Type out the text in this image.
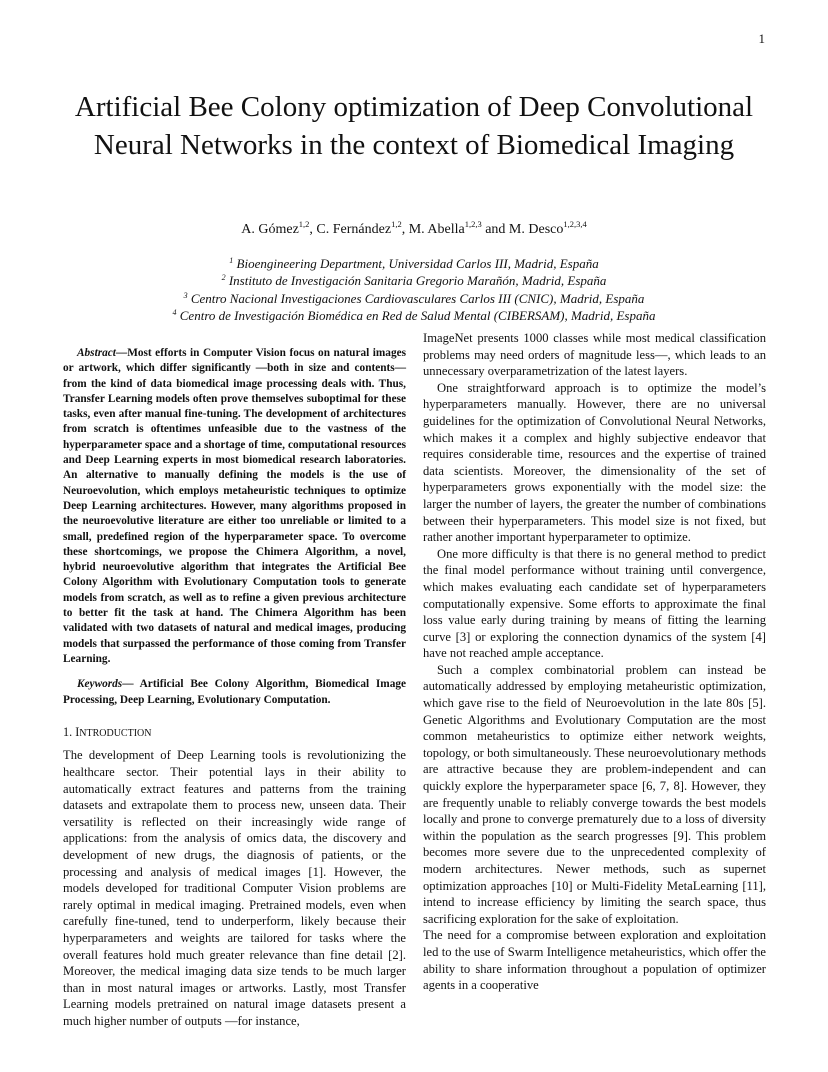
1
Artificial Bee Colony optimization of Deep Convolutional Neural Networks in the context of Biomedical Imaging
A. Gómez$^{1,2}$, C. Fernández$^{1,2}$, M. Abella$^{1,2,3}$ and M. Desco$^{1,2,3,4}$
$^1$ Bioengineering Department, Universidad Carlos III, Madrid, España
$^2$ Instituto de Investigación Sanitaria Gregorio Marañón, Madrid, España
$^3$ Centro Nacional Investigaciones Cardiovasculares Carlos III (CNIC), Madrid, España
$^4$ Centro de Investigación Biomédica en Red de Salud Mental (CIBERSAM), Madrid, España

Abstract—Most efforts in Computer Vision focus on natural images or artwork, which differ significantly —both in size and contents— from the kind of data biomedical image processing deals with. Thus, Transfer Learning models often prove themselves suboptimal for these tasks, even after manual fine-tuning. The development of architectures from scratch is oftentimes unfeasible due to the vastness of the hyperparameter space and a shortage of time, computational resources and Deep Learning experts in most biomedical research laboratories. An alternative to manually defining the models is the use of Neuroevolution, which employs metaheuristic techniques to optimize Deep Learning architectures. However, many algorithms proposed in the neuroevolutive literature are either too unreliable or limited to a small, predefined region of the hyperparameter space. To overcome these shortcomings, we propose the Chimera Algorithm, a novel, hybrid neuroevolutive algorithm that integrates the Artificial Bee Colony Algorithm with Evolutionary Computation tools to generate models from scratch, as well as to refine a given previous architecture to better fit the task at hand. The Chimera Algorithm has been validated with two datasets of natural and medical images, producing models that surpassed the performance of those coming from Transfer Learning.

Keywords— Artificial Bee Colony Algorithm, Biomedical Image Processing, Deep Learning, Evolutionary Computation.

1. INTRODUCTION

The development of Deep Learning tools is revolutionizing the healthcare sector. Their potential lays in their ability to automatically extract features and patterns from the training datasets and extrapolate them to process new, unseen data. Their versatility is reflected on their increasingly wide range of applications: from the analysis of omics data, the discovery and development of new drugs, the diagnosis of patients, or the processing and analysis of medical images [1]. However, the models developed for traditional Computer Vision problems are rarely optimal in medical imaging. Pretrained models, even when carefully fine-tuned, tend to underperform, likely because their hyperparameters and weights are tailored for tasks where the overall features hold much greater relevance than fine detail [2]. Moreover, the medical imaging data size tends to be much larger than in most natural images or artworks. Lastly, most Transfer Learning models pretrained on natural image datasets present a much higher number of outputs —for instance,

ImageNet presents 1000 classes while most medical classification problems may need orders of magnitude less—, which leads to an unnecessary overparametrization of the latest layers.

One straightforward approach is to optimize the model’s hyperparameters manually. However, there are no universal guidelines for the optimization of Convolutional Neural Networks, which makes it a complex and highly subjective endeavor that requires considerable time, resources and the expertise of trained data scientists. Moreover, the dimensionality of the set of hyperparameters grows exponentially with the model size: the larger the number of layers, the greater the number of combinations between their hyperparameters. This model size is not fixed, but rather another important hyperparameter to optimize.

One more difficulty is that there is no general method to predict the final model performance without training until convergence, which makes evaluating each candidate set of hyperparameters computationally expensive. Some efforts to approximate the final loss value early during training by means of fitting the learning curve [3] or exploring the connection dynamics of the system [4] have not reached ample acceptance.

Such a complex combinatorial problem can instead be automatically addressed by employing metaheuristic optimization, which gave rise to the field of Neuroevolution in the late 80s [5]. Genetic Algorithms and Evolutionary Computation are the most common metaheuristics to optimize either network weights, topology, or both simultaneously. These neuroevolutionary methods are attractive because they are problem-independent and can quickly explore the hyperparameter space [6, 7, 8]. However, they are frequently unable to reliably converge towards the best models locally and prone to converge prematurely due to a loss of diversity within the population as the search progresses [9]. This problem becomes more severe due to the unprecedented complexity of modern architectures. Newer methods, such as supernet optimization approaches [10] or Multi-Fidelity MetaLearning [11], intend to increase efficiency by limiting the search space, thus sacrificing exploration for the sake of exploitation.

The need for a compromise between exploration and exploitation led to the use of Swarm Intelligence metaheuristics, which offer the ability to share information throughout a population of optimizer agents in a cooperative
